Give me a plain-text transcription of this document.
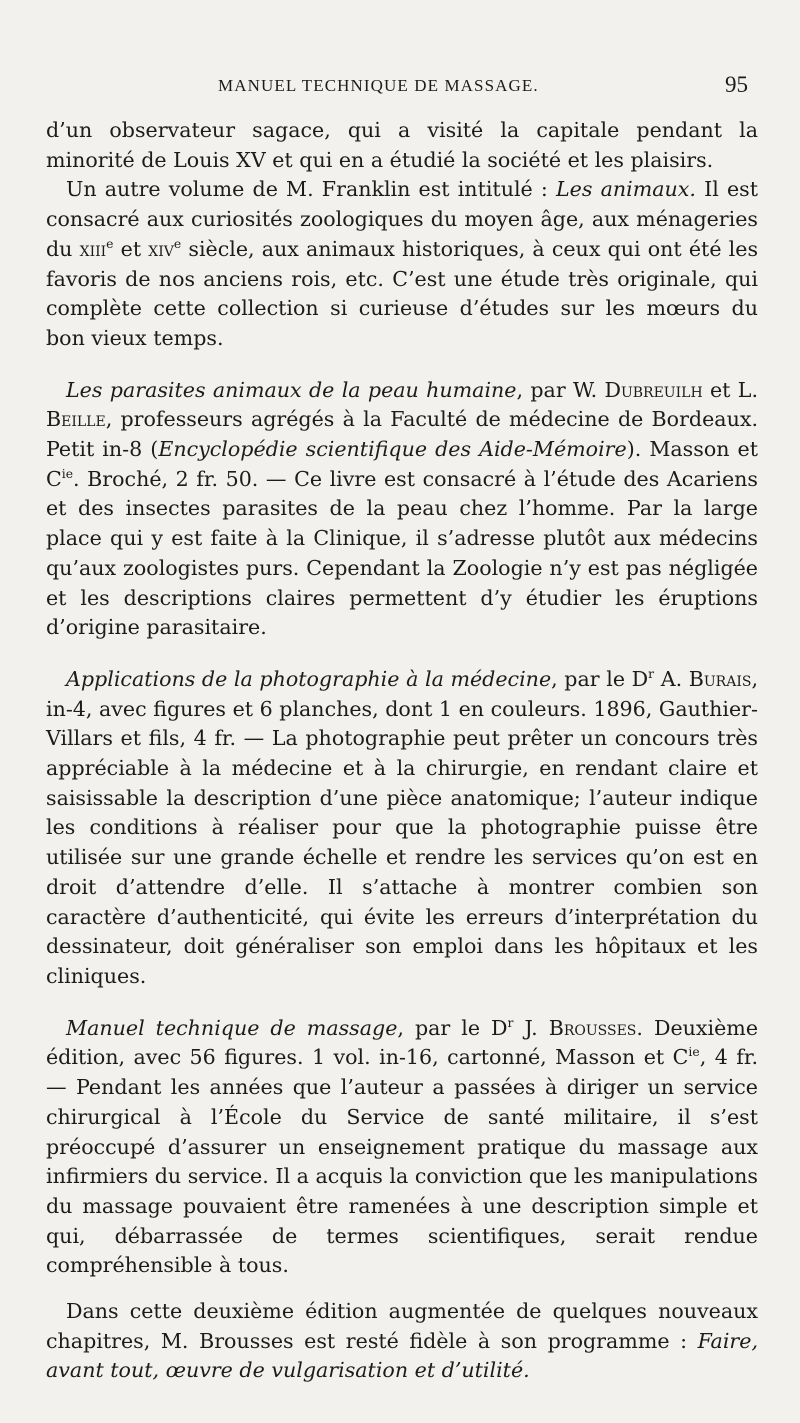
MANUEL TECHNIQUE DE MASSAGE.	95

d’un observateur sagace, qui a visité la capitale pendant la minorité de Louis XV et qui en a étudié la société et les plaisirs.

Un autre volume de M. Franklin est intitulé : Les animaux. Il est consacré aux curiosités zoologiques du moyen âge, aux ménageries du xiii$^e$ et xiv$^e$ siècle, aux animaux historiques, à ceux qui ont été les favoris de nos anciens rois, etc. C’est une étude très originale, qui complète cette collection si curieuse d’études sur les mœurs du bon vieux temps.

Les parasites animaux de la peau humaine, par W. Dubreuilh et L. Beille, professeurs agrégés à la Faculté de médecine de Bordeaux. Petit in-8 (Encyclopédie scientifique des Aide-Mémoire). Masson et $C^{ie}$. Broché, 2 fr. 50. — Ce livre est consacré à l’étude des Acariens et des insectes parasites de la peau chez l’homme. Par la large place qui y est faite à la Clinique, il s’adresse plutôt aux médecins qu’aux zoologistes purs. Cependant la Zoologie n’y est pas négligée et les descriptions claires permettent d’y étudier les éruptions d’origine parasitaire.

Applications de la photographie à la médecine, par le $D^r$ A. Burais, in-4, avec figures et 6 planches, dont 1 en couleurs. 1896, Gauthier-Villars et fils, 4 fr. — La photographie peut prêter un concours très appréciable à la médecine et à la chirurgie, en rendant claire et saisissable la description d’une pièce anatomique; l’auteur indique les conditions à réaliser pour que la photographie puisse être utilisée sur une grande échelle et rendre les services qu’on est en droit d’attendre d’elle. Il s’attache à montrer combien son caractère d’authenticité, qui évite les erreurs d’interprétation du dessinateur, doit généraliser son emploi dans les hôpitaux et les cliniques.

Manuel technique de massage, par le $D^r$ J. Brousses. Deuxième édition, avec 56 figures. 1 vol. in-16, cartonné, Masson et $C^{ie}$, 4 fr. — Pendant les années que l’auteur a passées à diriger un service chirurgical à l’École du Service de santé militaire, il s’est préoccupé d’assurer un enseignement pratique du massage aux infirmiers du service. Il a acquis la conviction que les manipulations du massage pouvaient être ramenées à une description simple et qui, débarrassée de termes scientifiques, serait rendue compréhensible à tous.

Dans cette deuxième édition augmentée de quelques nouveaux chapitres, M. Brousses est resté fidèle à son programme : Faire, avant tout, œuvre de vulgarisation et d’utilité.
